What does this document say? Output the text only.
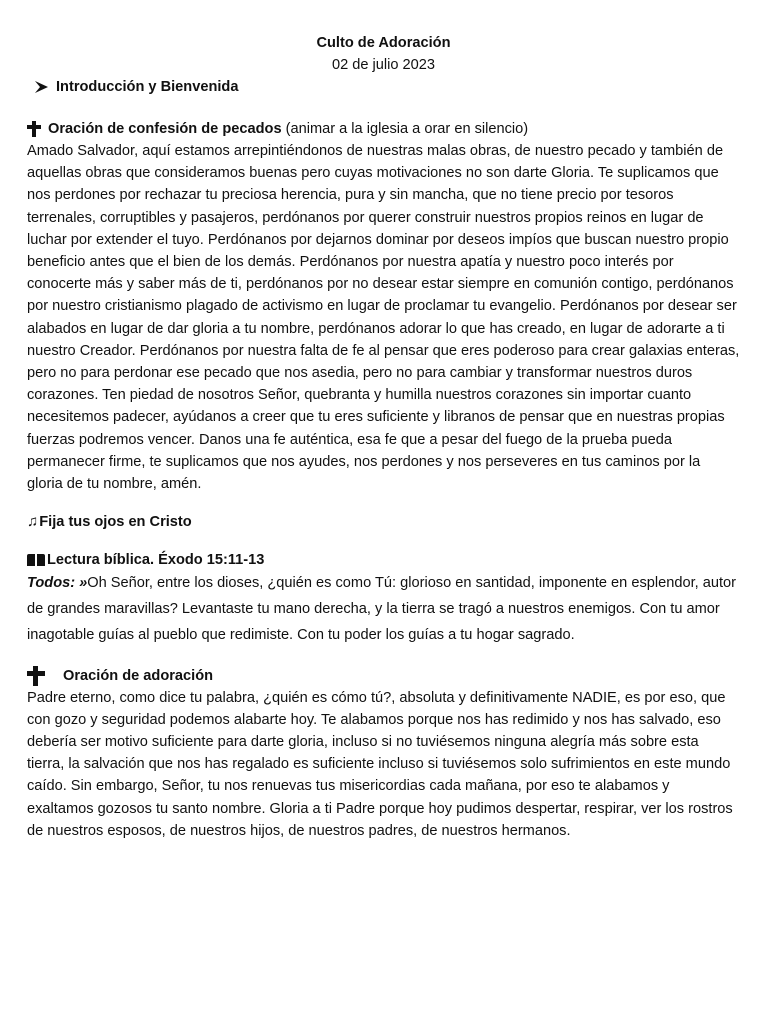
Culto de Adoración
02 de julio 2023
Introducción y Bienvenida
Oración de confesión de pecados (animar a la iglesia a orar en silencio)

Amado Salvador, aquí estamos arrepintiéndonos de nuestras malas obras, de nuestro pecado y también de aquellas obras que consideramos buenas pero cuyas motivaciones no son darte Gloria. Te suplicamos que nos perdones por rechazar tu preciosa herencia, pura y sin mancha, que no tiene precio por tesoros terrenales, corruptibles y pasajeros, perdónanos por querer construir nuestros propios reinos en lugar de luchar por extender el tuyo. Perdónanos por dejarnos dominar por deseos impíos que buscan nuestro propio beneficio antes que el bien de los demás. Perdónanos por nuestra apatía y nuestro poco interés por conocerte más y saber más de ti, perdónanos por no desear estar siempre en comunión contigo, perdónanos por nuestro cristianismo plagado de activismo en lugar de proclamar tu evangelio. Perdónanos por desear ser alabados en lugar de dar gloria a tu nombre, perdónanos adorar lo que has creado, en lugar de adorarte a ti nuestro Creador. Perdónanos por nuestra falta de fe al pensar que eres poderoso para crear galaxias enteras, pero no para perdonar ese pecado que nos asedia, pero no para cambiar y transformar nuestros duros corazones. Ten piedad de nosotros Señor, quebranta y humilla nuestros corazones sin importar cuanto necesitemos padecer, ayúdanos a creer que tu eres suficiente y libranos de pensar que en nuestras propias fuerzas podremos vencer. Danos una fe auténtica, esa fe que a pesar del fuego de la prueba pueda permanecer firme, te suplicamos que nos ayudes, nos perdones y nos perseveres en tus caminos por la gloria de tu nombre, amén.

♫ Fija tus ojos en Cristo
Lectura bíblica. Éxodo 15:11-13

Todos: »Oh Señor, entre los dioses, ¿quién es como Tú: glorioso en santidad, imponente en esplendor, autor de grandes maravillas? Levantaste tu mano derecha, y la tierra se tragó a nuestros enemigos. Con tu amor inagotable guías al pueblo que redimiste. Con tu poder los guías a tu hogar sagrado.

Oración de adoración

Padre eterno, como dice tu palabra, ¿quién es cómo tú?, absoluta y definitivamente NADIE, es por eso, que con gozo y seguridad podemos alabarte hoy. Te alabamos porque nos has redimido y nos has salvado, eso debería ser motivo suficiente para darte gloria, incluso si no tuviésemos ninguna alegría más sobre esta tierra, la salvación que nos has regalado es suficiente incluso si tuviésemos solo sufrimientos en este mundo caído. Sin embargo, Señor, tu nos renuevas tus misericordias cada mañana, por eso te alabamos y exaltamos gozosos tu santo nombre. Gloria a ti Padre porque hoy pudimos despertar, respirar, ver los rostros de nuestros esposos, de nuestros hijos, de nuestros padres, de nuestros hermanos.
